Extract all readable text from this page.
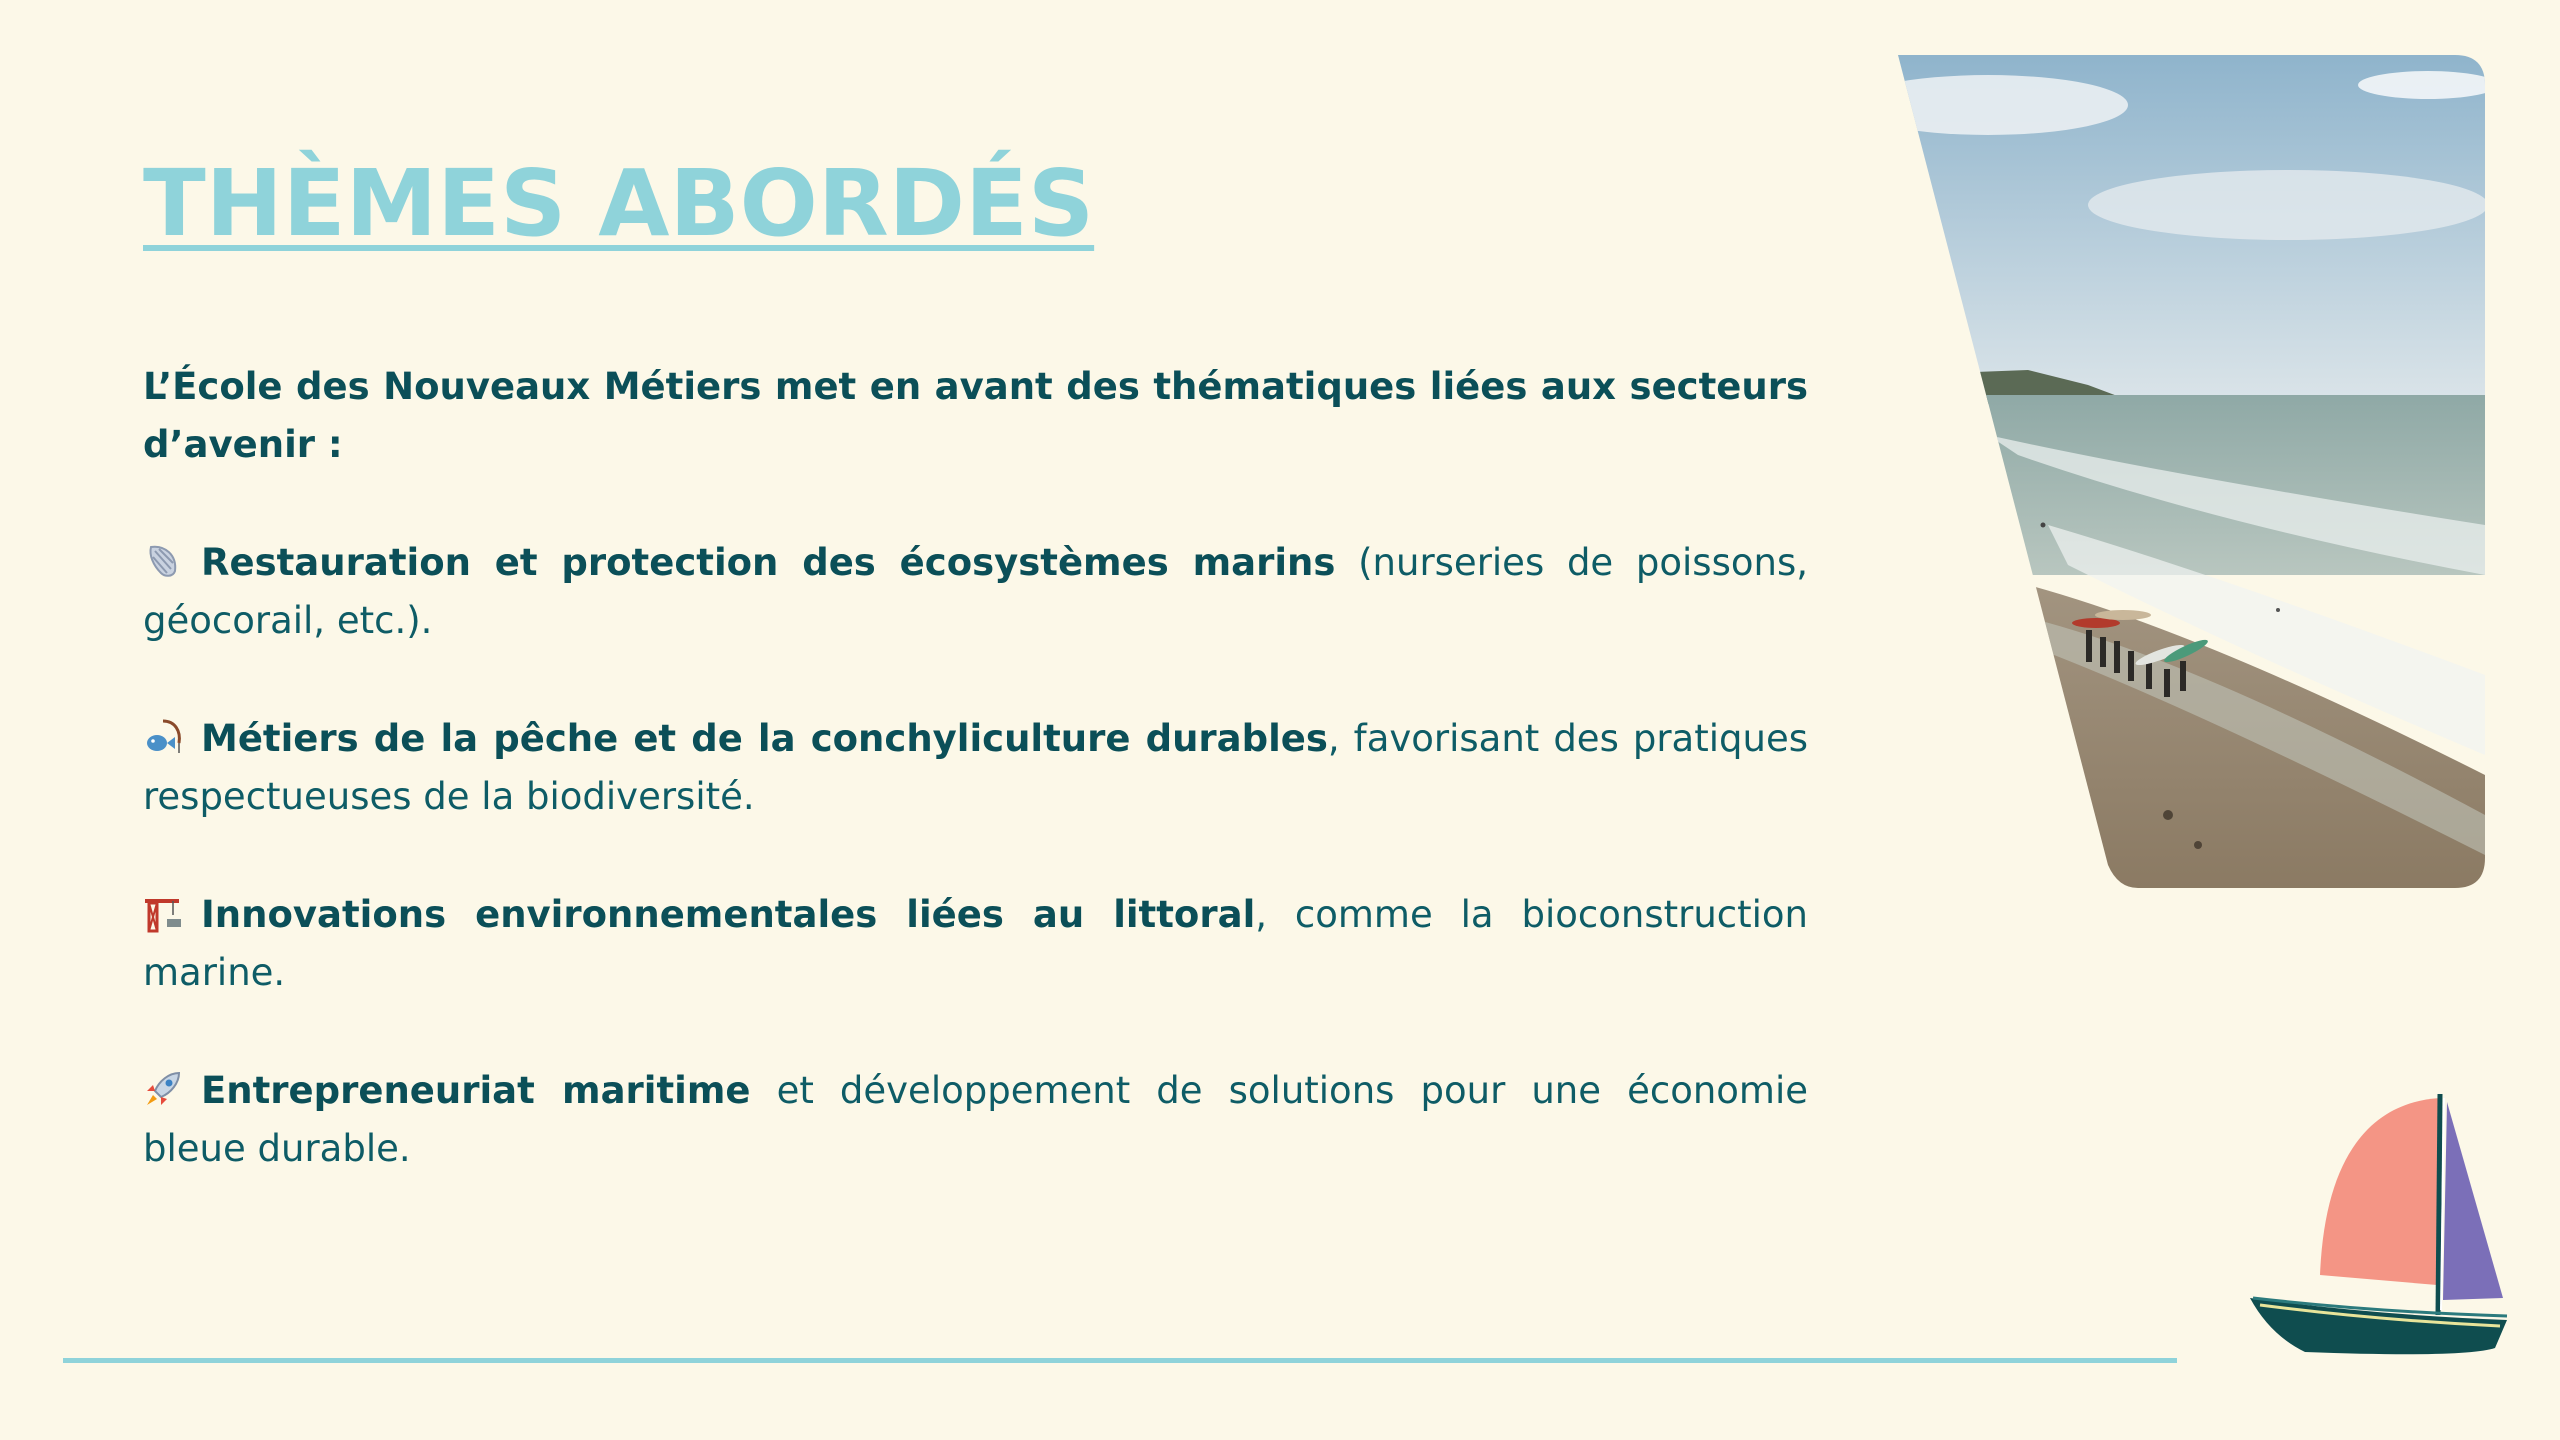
THÈMES ABORDÉS

L’École des Nouveaux Métiers met en avant des thématiques liées aux secteurs d’avenir :

Restauration et protection des écosystèmes marins (nurseries de poissons, géocorail, etc.).

Métiers de la pêche et de la conchyliculture durables, favorisant des pratiques respectueuses de la biodiversité.

Innovations environnementales liées au littoral, comme la bioconstruction marine.

Entrepreneuriat maritime et développement de solutions pour une économie bleue durable.
